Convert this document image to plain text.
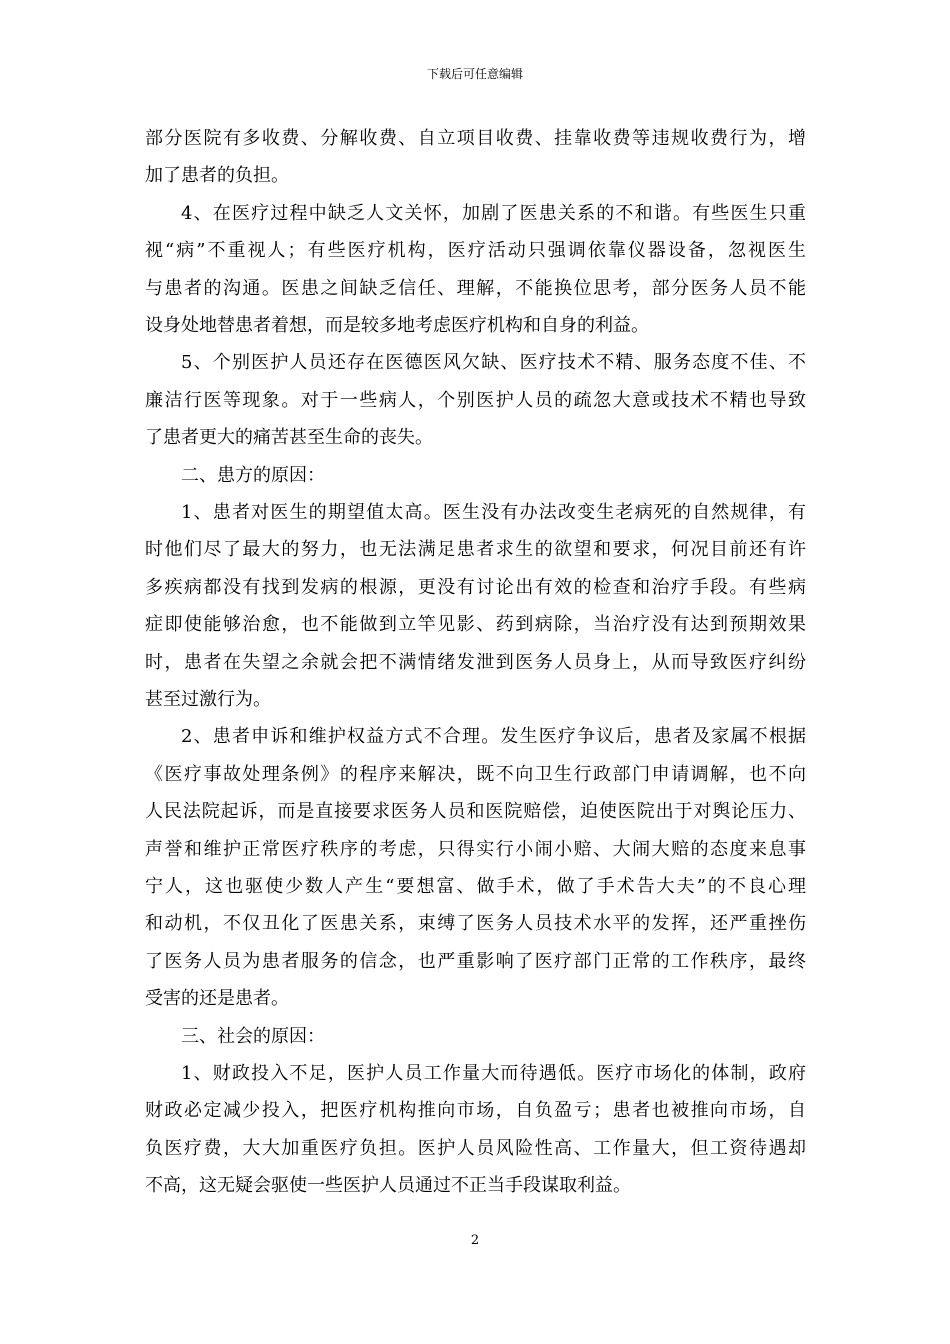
下载后可任意编辑
部分医院有多收费、分解收费、自立项目收费、挂靠收费等违规收费行为，增
加了患者的负担。
4、在医疗过程中缺乏人文关怀，加剧了医患关系的不和谐。有些医生只重
视“病”不重视人；有些医疗机构，医疗活动只强调依靠仪器设备，忽视医生
与患者的沟通。医患之间缺乏信任、理解，不能换位思考，部分医务人员不能
设身处地替患者着想，而是较多地考虑医疗机构和自身的利益。
5、个别医护人员还存在医德医风欠缺、医疗技术不精、服务态度不佳、不
廉洁行医等现象。对于一些病人，个别医护人员的疏忽大意或技术不精也导致
了患者更大的痛苦甚至生命的丧失。
二、患方的原因：
1、患者对医生的期望值太高。医生没有办法改变生老病死的自然规律，有
时他们尽了最大的努力，也无法满足患者求生的欲望和要求，何况目前还有许
多疾病都没有找到发病的根源，更没有讨论出有效的检查和治疗手段。有些病
症即使能够治愈，也不能做到立竿见影、药到病除，当治疗没有达到预期效果
时，患者在失望之余就会把不满情绪发泄到医务人员身上，从而导致医疗纠纷
甚至过激行为。
2、患者申诉和维护权益方式不合理。发生医疗争议后，患者及家属不根据
《医疗事故处理条例》的程序来解决，既不向卫生行政部门申请调解，也不向
人民法院起诉，而是直接要求医务人员和医院赔偿，迫使医院出于对舆论压力、
声誉和维护正常医疗秩序的考虑，只得实行小闹小赔、大闹大赔的态度来息事
宁人，这也驱使少数人产生“要想富、做手术，做了手术告大夫”的不良心理
和动机，不仅丑化了医患关系，束缚了医务人员技术水平的发挥，还严重挫伤
了医务人员为患者服务的信念，也严重影响了医疗部门正常的工作秩序，最终
受害的还是患者。
三、社会的原因：
1、财政投入不足，医护人员工作量大而待遇低。医疗市场化的体制，政府
财政必定减少投入，把医疗机构推向市场，自负盈亏；患者也被推向市场，自
负医疗费，大大加重医疗负担。医护人员风险性高、工作量大，但工资待遇却
不高，这无疑会驱使一些医护人员通过不正当手段谋取利益。
2
